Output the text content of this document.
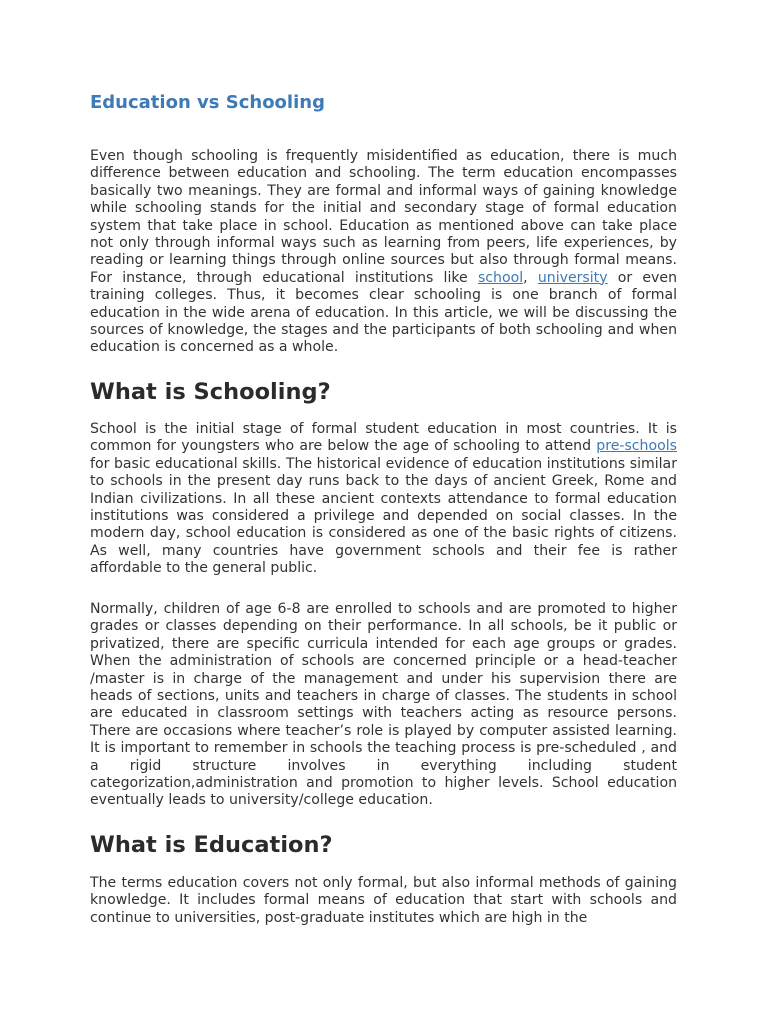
Education vs Schooling

Even though schooling is frequently misidentified as education, there is much difference between education and schooling. The term education encompasses basically two meanings. They are formal and informal ways of gaining knowledge while schooling stands for the initial and secondary stage of formal education system that take place in school. Education as mentioned above can take place not only through informal ways such as learning from peers, life experiences, by reading or learning things through online sources but also through formal means. For instance, through educational institutions like school, university or even training colleges. Thus, it becomes clear schooling is one branch of formal education in the wide arena of education. In this article, we will be discussing the sources of knowledge, the stages and the participants of both schooling and when education is concerned as a whole.

What is Schooling?

School is the initial stage of formal student education in most countries. It is common for youngsters who are below the age of schooling to attend pre-schools for basic educational skills. The historical evidence of education institutions similar to schools in the present day runs back to the days of ancient Greek, Rome and Indian civilizations. In all these ancient contexts attendance to formal education institutions was considered a privilege and depended on social classes. In the modern day, school education is considered as one of the basic rights of citizens. As well, many countries have government schools and their fee is rather affordable to the general public.

Normally, children of age 6-8 are enrolled to schools and are promoted to higher grades or classes depending on their performance. In all schools, be it public or privatized, there are specific curricula intended for each age groups or grades. When the administration of schools are concerned principle or a head-teacher /master is in charge of the management and under his supervision there are heads of sections, units and teachers in charge of classes. The students in school are educated in classroom settings with teachers acting as resource persons. There are occasions where teacher’s role is played by computer assisted learning. It is important to remember in schools the teaching process is pre-scheduled , and a rigid structure involves in everything including student categorization,administration and promotion to higher levels. School education eventually leads to university/college education.

What is Education?

The terms education covers not only formal, but also informal methods of gaining knowledge. It includes formal means of education that start with schools and continue to universities, post-graduate institutes which are high in the
